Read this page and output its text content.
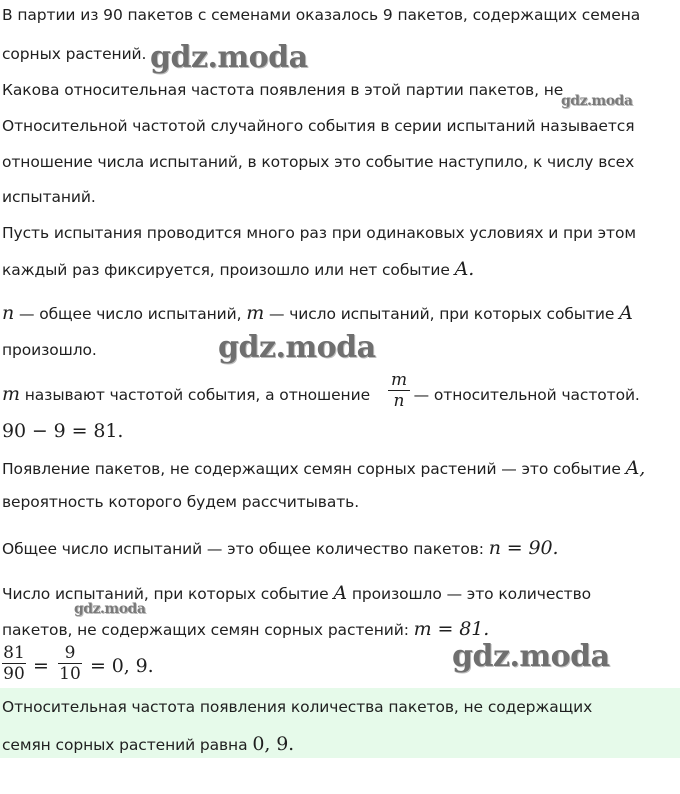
В партии из 90 пакетов с семенами оказалось 9 пакетов, содержащих семена
сорных растений.
Какова относительная частота появления в этой партии пакетов, не
Относительной частотой случайного события в серии испытаний называется
отношение числа испытаний, в которых это событие наступило, к числу всех
испытаний.
Пусть испытания проводится много раз при одинаковых условиях и при этом
каждый раз фиксируется, произошло или нет событие A.
n — общее число испытаний, m — число испытаний, при которых событие A
произошло.
m называют частотой события, а отношение	— относительной частотой.
m
n
90 − 9 = 81.
Появление пакетов, не содержащих семян сорных растений — это событие A,
вероятность которого будем рассчитывать.
Общее число испытаний — это общее количество пакетов: n = 90.
Число испытаний, при которых событие A произошло — это количество
пакетов, не содержащих семян сорных растений: m = 81.
81
90 =
9
10 = 0, 9.
Относительная частота появления количества пакетов, не содержащих
семян сорных растений равна 0, 9.
gdz.moda
gdz.moda
gdz.moda
gdz.moda
gdz.moda
